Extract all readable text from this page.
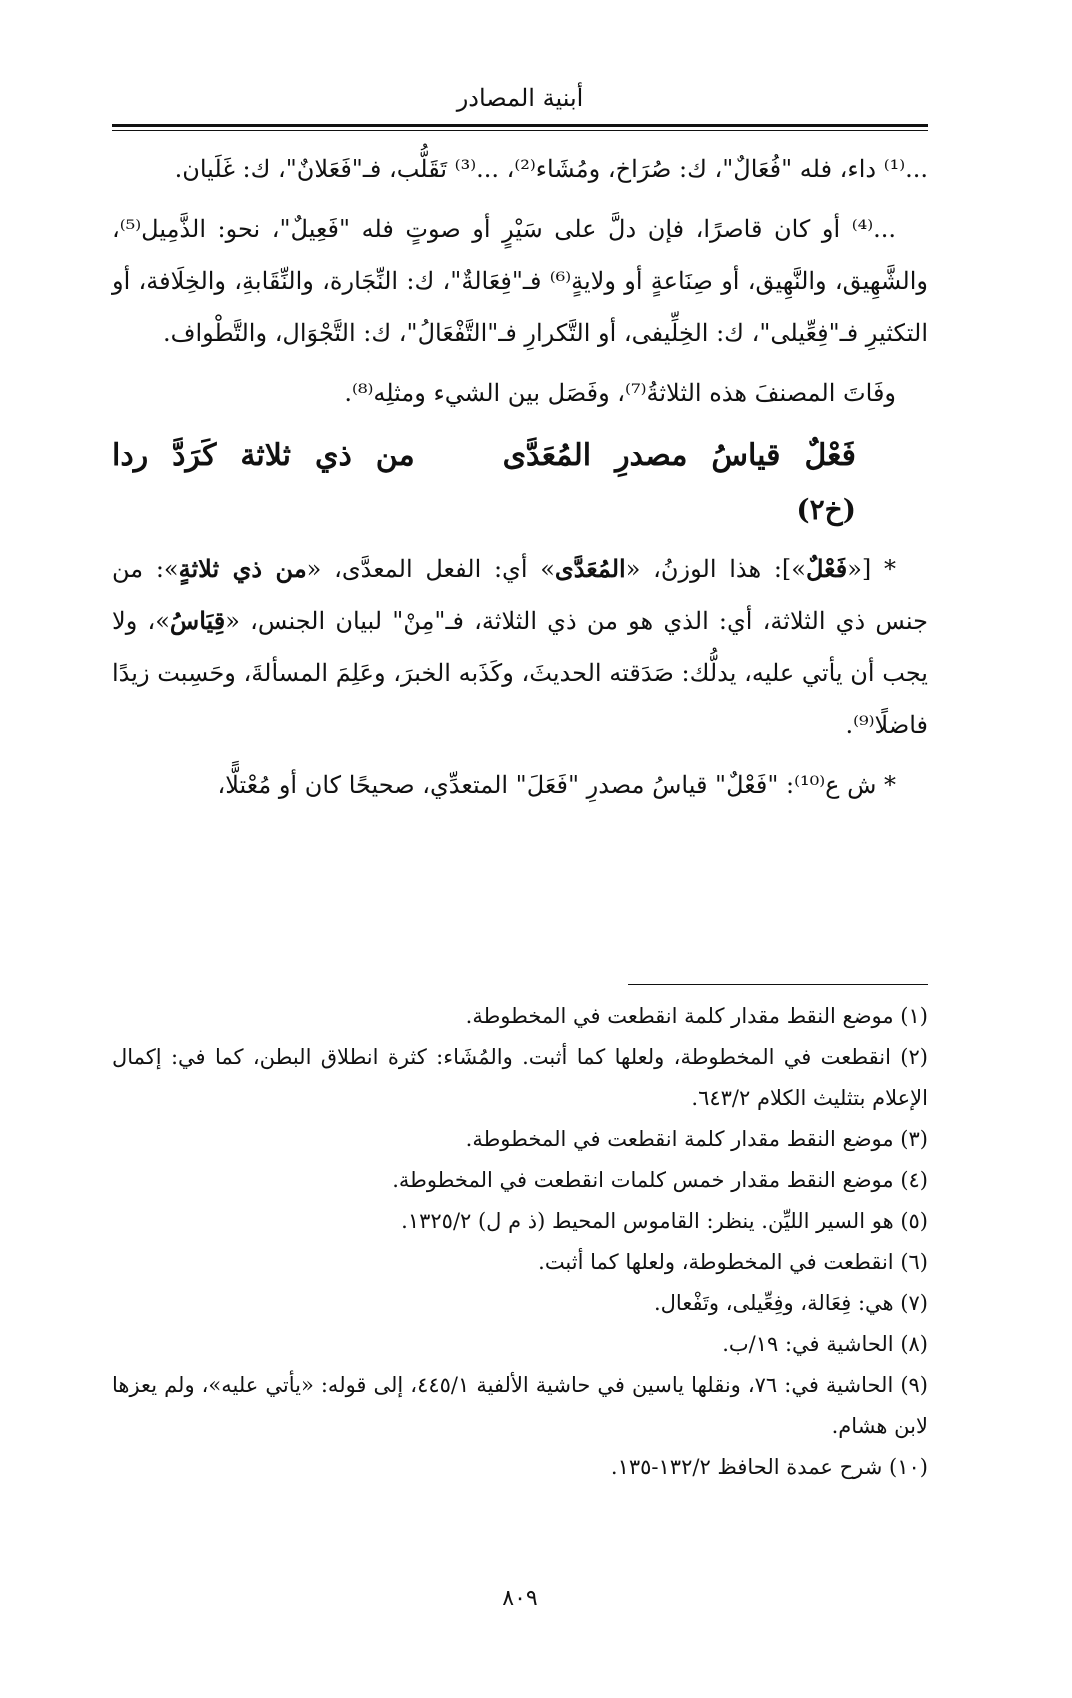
أبنية المصادر

...⁽¹⁾ داء، فله "فُعَالٌ"، ك: صُرَاخ، ومُشَاء⁽²⁾، ...⁽³⁾ تَقَلُّب، فـ"فَعَلانٌ"، ك: غَلَيان.

...⁽⁴⁾ أو كان قاصرًا، فإن دلَّ على سَيْرٍ أو صوتٍ فله "فَعِيلٌ"، نحو: الذَّمِيل⁽⁵⁾، والشَّهِيق، والنَّهِيق، أو صِنَاعةٍ أو ولايةٍ⁽⁶⁾ فـ"فِعَالةٌ"، ك: النِّجَارة، والنِّقَابةِ، والخِلَافة، أو التكثيرِ فـ"فِعِّيلى"، ك: الخِلِّيفى، أو التَّكرارِ فـ"التَّفْعَالُ"، ك: التَّجْوَال، والتَّطْواف.

وفَاتَ المصنفَ هذه الثلاثةُ⁽⁷⁾، وفَصَل بين الشيء ومثلِه⁽⁸⁾.

فَعْلٌ
قياسُ
مصدرِ
المُعَدَّى
من
ذي
ثلاثة
كَرَدَّ
ردا
(خ٢)

* [«فَعْلٌ»]: هذا الوزنُ، «المُعَدَّى» أي: الفعل المعدَّى، «من ذي ثلاثةٍ»: من جنس ذي الثلاثة، أي: الذي هو من ذي الثلاثة، فـ"مِنْ" لبيان الجنس، «قِيَاسُ»، ولا يجب أن يأتي عليه، يدلُّك: صَدَقته الحديثَ، وكَذَبه الخبرَ، وعَلِمَ المسألةَ، وحَسِبت زيدًا فاضلًا⁽⁹⁾.

* ش ع⁽¹⁰⁾: "فَعْلٌ" قياسُ مصدرِ "فَعَلَ" المتعدِّي، صحيحًا كان أو مُعْتلًّا،

(١) موضع النقط مقدار كلمة انقطعت في المخطوطة.

(٢) انقطعت في المخطوطة، ولعلها كما أثبت. والمُشَاء: كثرة انطلاق البطن، كما في: إكمال الإعلام بتثليث الكلام ٦٤٣/٢.

(٣) موضع النقط مقدار كلمة انقطعت في المخطوطة.

(٤) موضع النقط مقدار خمس كلمات انقطعت في المخطوطة.

(٥) هو السير الليِّن. ينظر: القاموس المحيط (ذ م ل) ١٣٢٥/٢.

(٦) انقطعت في المخطوطة، ولعلها كما أثبت.

(٧) هي: فِعَالة، وفِعِّيلى، وتَفْعال.

(٨) الحاشية في: ١٩/ب.

(٩) الحاشية في: ٧٦، ونقلها ياسين في حاشية الألفية ٤٤٥/١، إلى قوله: «يأتي عليه»، ولم يعزها لابن هشام.

(١٠) شرح عمدة الحافظ ١٣٢/٢-١٣٥.

٨٠٩
